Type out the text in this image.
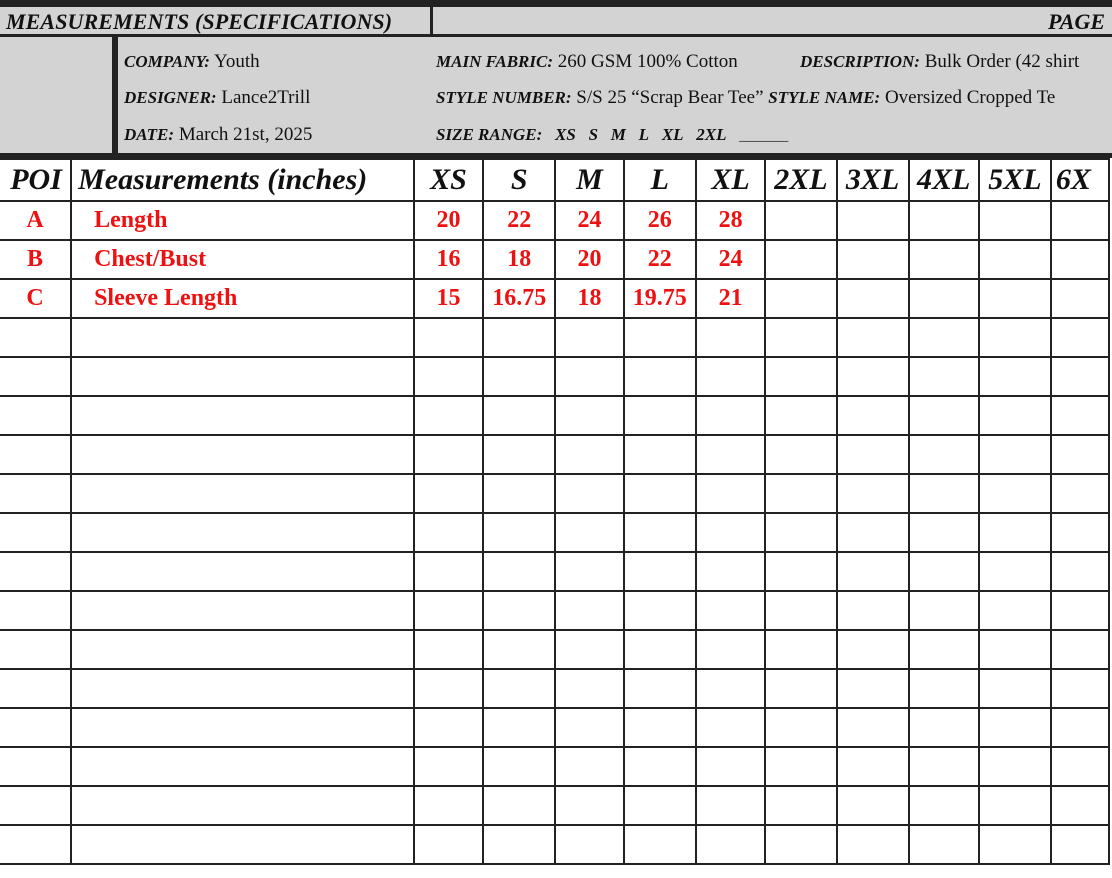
MEASUREMENTS (SPECIFICATIONS)	PAGE
COMPANY: Youth
DESIGNER: Lance2Trill
DATE: March 21st, 2025
MAIN FABRIC: 260 GSM 100% Cotton
STYLE NUMBER: S/S 25 “Scrap Bear Tee” STYLE NAME: Oversized Cropped Te
SIZE RANGE: XS S M L XL 2XL _______
DESCRIPTION: Bulk Order (42 shirt
POI	Measurements (inches)	XS	S	M	L	XL	2XL	3XL	4XL	5XL	6X
A	Length	20	22	24	26	28					
B	Chest/Bust	16	18	20	22	24					
C	Sleeve Length	15	16.75	18	19.75	21					
